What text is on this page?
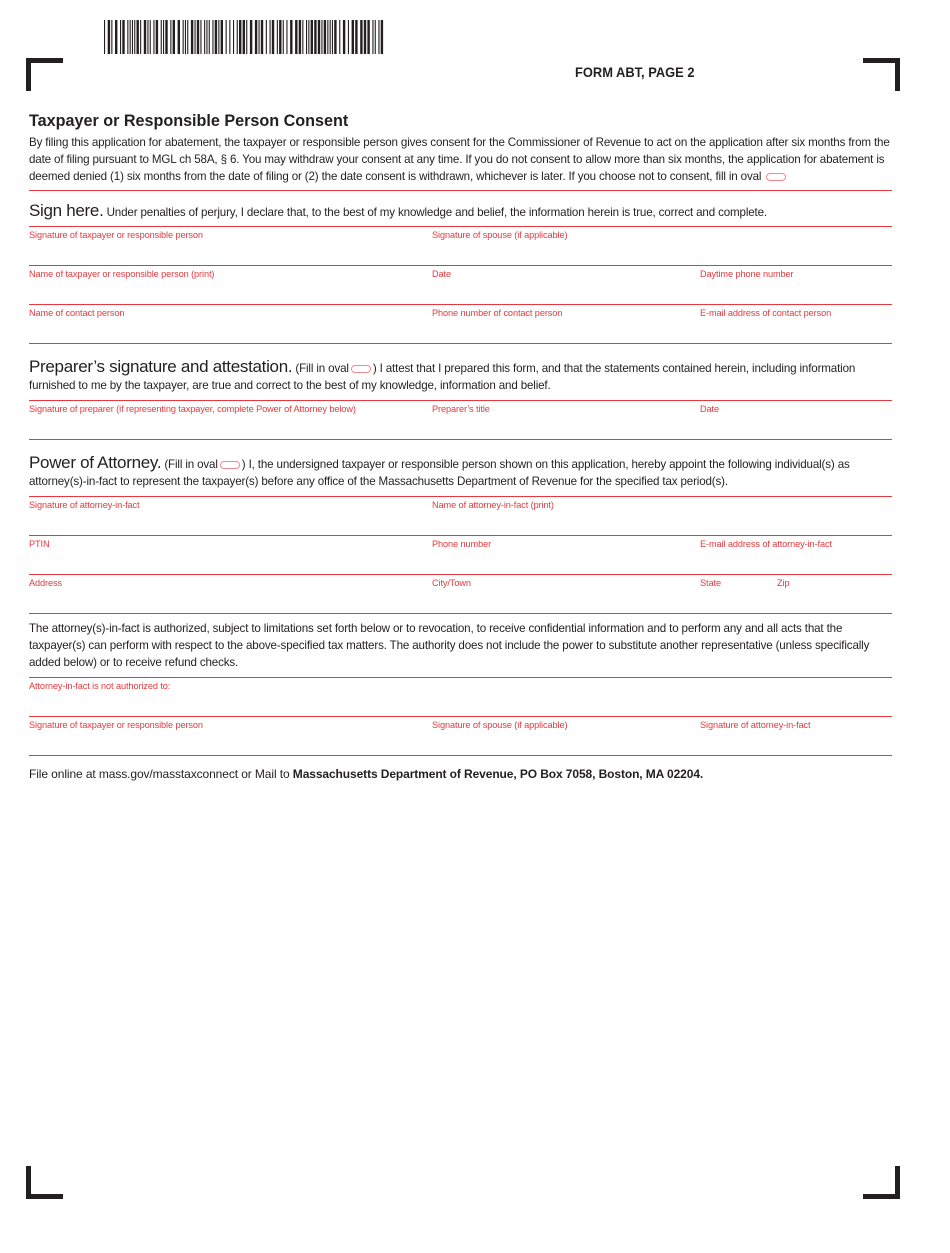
FORM ABT, PAGE 2
Taxpayer or Responsible Person Consent
By filing this application for abatement, the taxpayer or responsible person gives consent for the Commissioner of Revenue to act on the application after six months from the date of filing pursuant to MGL ch 58A, § 6. You may withdraw your consent at any time. If you do not consent to allow more than six months, the application for abatement is deemed denied (1) six months from the date of filing or (2) the date consent is withdrawn, whichever is later. If you choose not to consent, fill in oval
Sign here. Under penalties of perjury, I declare that, to the best of my knowledge and belief, the information herein is true, correct and complete.
Signature of taxpayer or responsible person	Signature of spouse (if applicable)
Name of taxpayer or responsible person (print)	Date	Daytime phone number
Name of contact person	Phone number of contact person	E-mail address of contact person
Preparer’s signature and attestation. (Fill in oval ) I attest that I prepared this form, and that the statements contained herein, including information furnished to me by the taxpayer, are true and correct to the best of my knowledge, information and belief.
Signature of preparer (if representing taxpayer, complete Power of Attorney below)	Preparer’s title	Date
Power of Attorney. (Fill in oval ) I, the undersigned taxpayer or responsible person shown on this application, hereby appoint the following individual(s) as attorney(s)-in-fact to represent the taxpayer(s) before any office of the Massachusetts Department of Revenue for the specified tax period(s).
Signature of attorney-in-fact	Name of attorney-in-fact (print)
PTIN	Phone number	E-mail address of attorney-in-fact
Address	City/Town	State	Zip
The attorney(s)-in-fact is authorized, subject to limitations set forth below or to revocation, to receive confidential information and to perform any and all acts that the taxpayer(s) can perform with respect to the above-specified tax matters. The authority does not include the power to substitute another representative (unless specifically added below) or to receive refund checks.
Attorney-in-fact is not authorized to:
Signature of taxpayer or responsible person	Signature of spouse (if applicable)	Signature of attorney-in-fact
File online at mass.gov/masstaxconnect or Mail to Massachusetts Department of Revenue, PO Box 7058, Boston, MA 02204.
